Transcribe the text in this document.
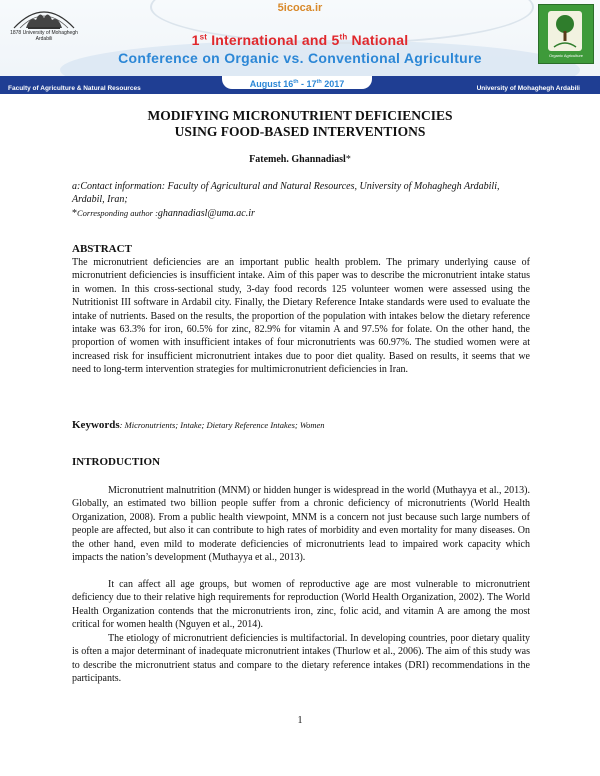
1878 University of Mohaghegh Ardabili
5icoca.ir
1st International and 5th National
Conference on Organic vs. Conventional Agriculture	Organic Agriculture
Faculty of Agriculture & Natural Resources	University of Mohaghegh Ardabili
August 16th - 17th 2017
MODIFYING MICRONUTRIENT DEFICIENCIES
USING FOOD-BASED INTERVENTIONS
Fatemeh. Ghannadiasl*
a:Contact information: Faculty of Agricultural and Natural Resources, University of Mohaghegh Ardabili, Ardabil, Iran;
*Corresponding author :ghannadiasl@uma.ac.ir
ABSTRACT

The micronutrient deficiencies are an important public health problem. The primary underlying cause of micronutrient deficiencies is insufficient intake. Aim of this paper was to describe the micronutrient intake status in women. In this cross-sectional study, 3-day food records 125 volunteer women were assessed using the Nutritionist III software in Ardabil city. Finally, the Dietary Reference Intake standards were used to evaluate the intake of nutrients. Based on the results, the proportion of the population with intakes below the dietary reference intake was 63.3% for iron, 60.5% for zinc, 82.9% for vitamin A and 97.5% for folate. On the other hand, the proportion of women with insufficient intakes of four micronutrients was 60.97%. The studied women were at increased risk for insufficient micronutrient intakes due to poor diet quality. Based on results, it seems that we need to long-term intervention strategies for multimicronutrient deficiencies in Iran.

Keywords: Micronutrients; Intake; Dietary Reference Intakes; Women
INTRODUCTION

Micronutrient malnutrition (MNM) or hidden hunger is widespread in the world (Muthayya et al., 2013). Globally, an estimated two billion people suffer from a chronic deficiency of micronutrients (World Health Organization, 2008). From a public health viewpoint, MNM is a concern not just because such large numbers of people are affected, but also it can contribute to high rates of morbidity and even mortality for many diseases. On the other hand, even mild to moderate deficiencies of micronutrients lead to impaired work capacity which impacts the nation’s development (Muthayya et al., 2013).

It can affect all age groups, but women of reproductive age are most vulnerable to micronutrient deficiency due to their relative high requirements for reproduction (World Health Organization, 2002). The World Health Organization contends that the micronutrients iron, zinc, folic acid, and vitamin A are among the most critical for women health (Nguyen et al., 2014).

The etiology of micronutrient deficiencies is multifactorial. In developing countries, poor dietary quality is often a major determinant of inadequate micronutrient intakes (Thurlow et al., 2006). The aim of this study was to describe the micronutrient status and compare to the dietary reference intakes (DRI) recommendations in the participants.

1
